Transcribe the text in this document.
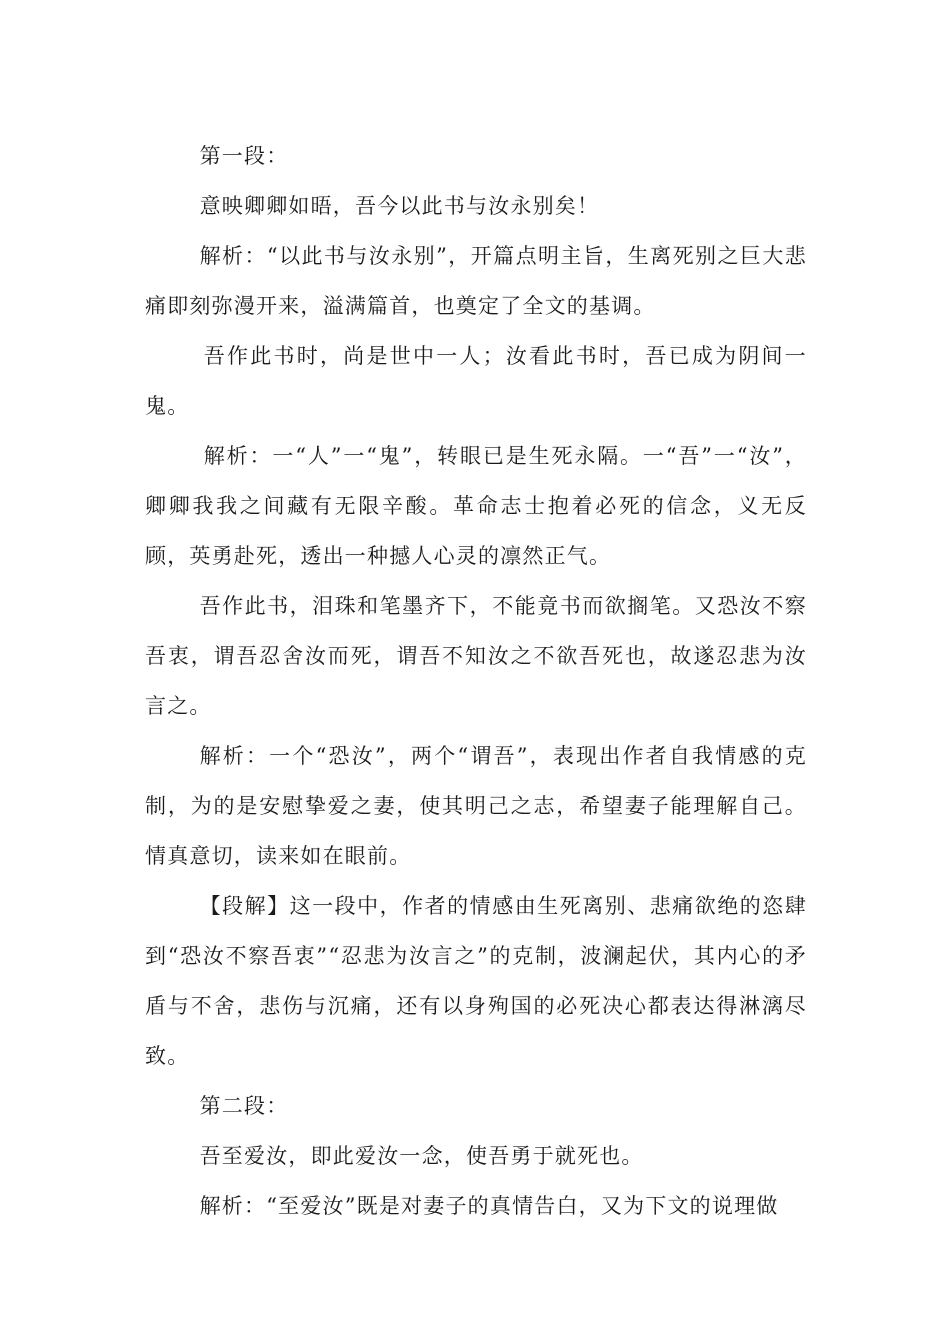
第一段：

意映卿卿如晤，吾今以此书与汝永别矣！

解析：“以此书与汝永别”，开篇点明主旨，生离死别之巨大悲痛即刻弥漫开来，溢满篇首，也奠定了全文的基调。

吾作此书时，尚是世中一人；汝看此书时，吾已成为阴间一鬼。

解析：一“人”一“鬼”，转眼已是生死永隔。一“吾”一“汝”，卿卿我我之间藏有无限辛酸。革命志士抱着必死的信念，义无反顾，英勇赴死，透出一种撼人心灵的凛然正气。

吾作此书，泪珠和笔墨齐下，不能竟书而欲搁笔。又恐汝不察吾衷，谓吾忍舍汝而死，谓吾不知汝之不欲吾死也，故遂忍悲为汝言之。

解析：一个“恐汝”，两个“谓吾”，表现出作者自我情感的克制，为的是安慰挚爱之妻，使其明己之志，希望妻子能理解自己。情真意切，读来如在眼前。

【段解】这一段中，作者的情感由生死离别、悲痛欲绝的恣肆到“恐汝不察吾衷”“忍悲为汝言之”的克制，波澜起伏，其内心的矛盾与不舍，悲伤与沉痛，还有以身殉国的必死决心都表达得淋漓尽致。

第二段：

吾至爱汝，即此爱汝一念，使吾勇于就死也。

解析：“至爱汝”既是对妻子的真情告白，又为下文的说理做
